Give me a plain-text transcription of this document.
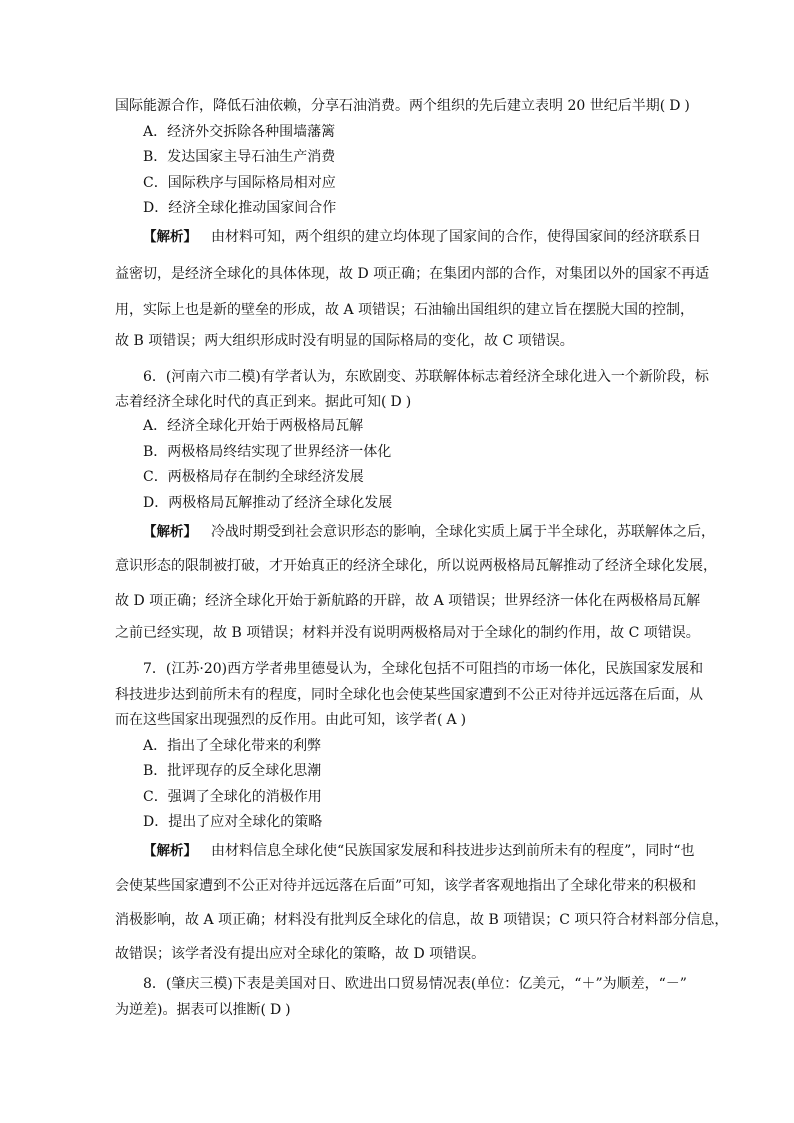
国际能源合作，降低石油依赖，分享石油消费。两个组织的先后建立表明 20 世纪后半期( D )
A．经济外交拆除各种围墙藩篱
B．发达国家主导石油生产消费
C．国际秩序与国际格局相对应
D．经济全球化推动国家间合作
【解析】 由材料可知，两个组织的建立均体现了国家间的合作，使得国家间的经济联系日
益密切，是经济全球化的具体体现，故 D 项正确；在集团内部的合作，对集团以外的国家不再适
用，实际上也是新的壁垒的形成，故 A 项错误；石油输出国组织的建立旨在摆脱大国的控制，
故 B 项错误；两大组织形成时没有明显的国际格局的变化，故 C 项错误。
6．(河南六市二模)有学者认为，东欧剧变、苏联解体标志着经济全球化进入一个新阶段，标
志着经济全球化时代的真正到来。据此可知( D )
A．经济全球化开始于两极格局瓦解
B．两极格局终结实现了世界经济一体化
C．两极格局存在制约全球经济发展
D．两极格局瓦解推动了经济全球化发展
【解析】 冷战时期受到社会意识形态的影响，全球化实质上属于半全球化，苏联解体之后，
意识形态的限制被打破，才开始真正的经济全球化，所以说两极格局瓦解推动了经济全球化发展，
故 D 项正确；经济全球化开始于新航路的开辟，故 A 项错误；世界经济一体化在两极格局瓦解
之前已经实现，故 B 项错误；材料并没有说明两极格局对于全球化的制约作用，故 C 项错误。
7．(江苏·20)西方学者弗里德曼认为，全球化包括不可阻挡的市场一体化，民族国家发展和
科技进步达到前所未有的程度，同时全球化也会使某些国家遭到不公正对待并远远落在后面，从
而在这些国家出现强烈的反作用。由此可知，该学者( A )
A．指出了全球化带来的利弊
B．批评现存的反全球化思潮
C．强调了全球化的消极作用
D．提出了应对全球化的策略
【解析】 由材料信息全球化使“民族国家发展和科技进步达到前所未有的程度”，同时“也
会使某些国家遭到不公正对待并远远落在后面”可知，该学者客观地指出了全球化带来的积极和
消极影响，故 A 项正确；材料没有批判反全球化的信息，故 B 项错误；C 项只符合材料部分信息，
故错误；该学者没有提出应对全球化的策略，故 D 项错误。
8．(肇庆三模)下表是美国对日、欧进出口贸易情况表(单位：亿美元，“＋”为顺差，“－”
为逆差)。据表可以推断( D )
